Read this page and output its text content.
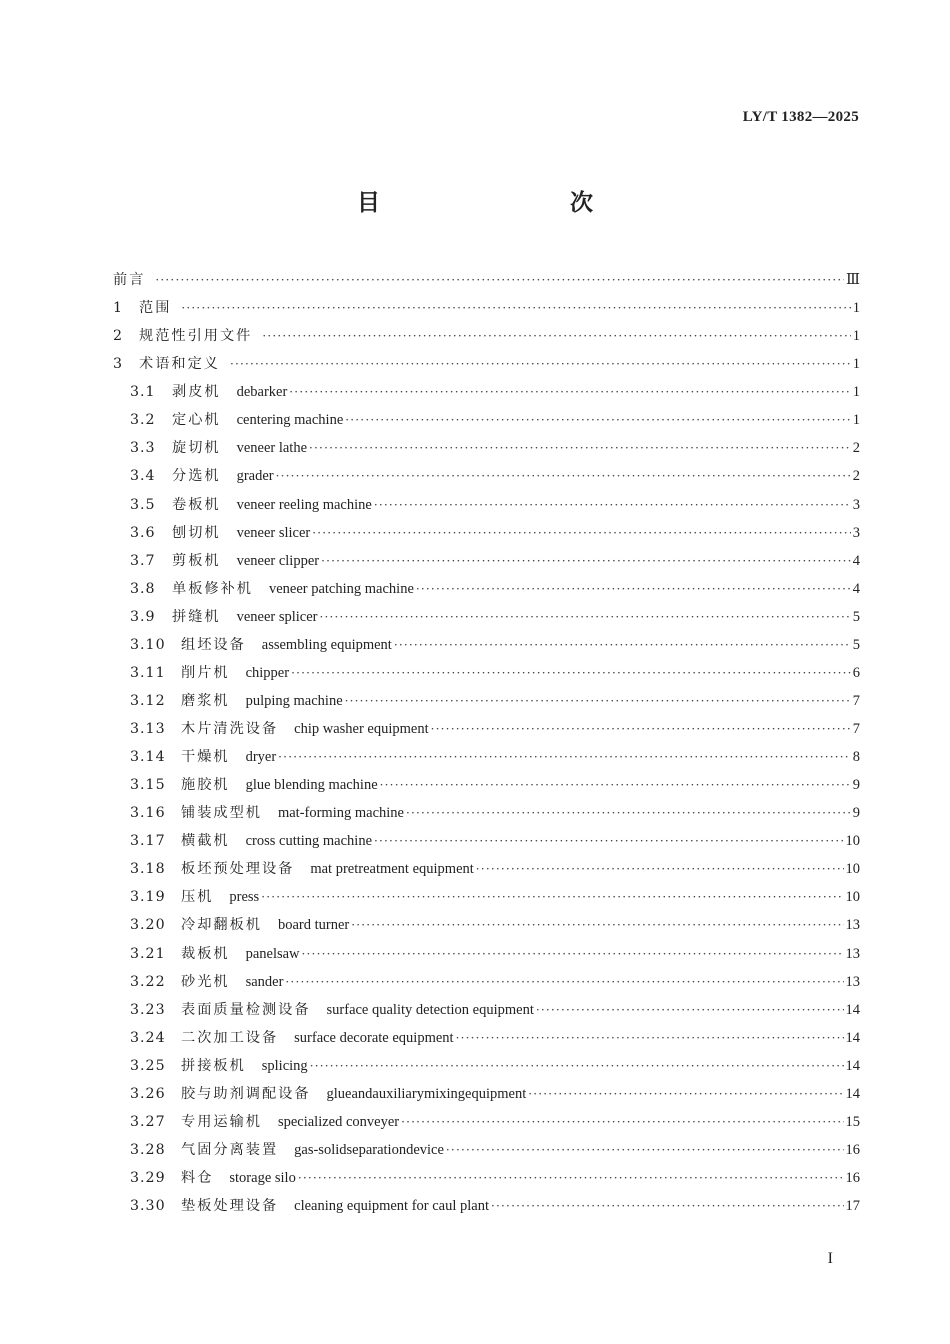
LY/T 1382—2025
目　　次
前言 ·····	Ⅲ
1	范围 ·····	1
2	规范性引用文件 ·····	1
3	术语和定义 ·····	1
3.1	剥皮机 debarker ·····	1
3.2	定心机 centering machine ·····	1
3.3	旋切机 veneer lathe ·····	2
3.4	分选机 grader ·····	2
3.5	卷板机 veneer reeling machine ·····	3
3.6	刨切机 veneer slicer ·····	3
3.7	剪板机 veneer clipper ·····	4
3.8	单板修补机 veneer patching machine ·····	4
3.9	拼缝机 veneer splicer ·····	5
3.10	组坯设备 assembling equipment ·····	5
3.11	削片机 chipper ·····	6
3.12	磨浆机 pulping machine ·····	7
3.13	木片清洗设备 chip washer equipment ·····	7
3.14	干燥机 dryer ·····	8
3.15	施胶机 glue blending machine ·····	9
3.16	铺装成型机 mat-forming machine ·····	9
3.17	横截机 cross cutting machine ·····	10
3.18	板坯预处理设备 mat pretreatment equipment ·····	10
3.19	压机 press ·····	10
3.20	冷却翻板机 board turner ·····	13
3.21	裁板机 panelsaw ·····	13
3.22	砂光机 sander ·····	13
3.23	表面质量检测设备 surface quality detection equipment ·····	14
3.24	二次加工设备 surface decorate equipment ·····	14
3.25	拼接板机 splicing ·····	14
3.26	胶与助剂调配设备 glueandauxiliarymixingequipment ·····	14
3.27	专用运输机 specialized conveyer ·····	15
3.28	气固分离装置 gas-solidseparationdevice ·····	16
3.29	料仓 storage silo ·····	16
3.30	垫板处理设备 cleaning equipment for caul plant ·····	17
I
